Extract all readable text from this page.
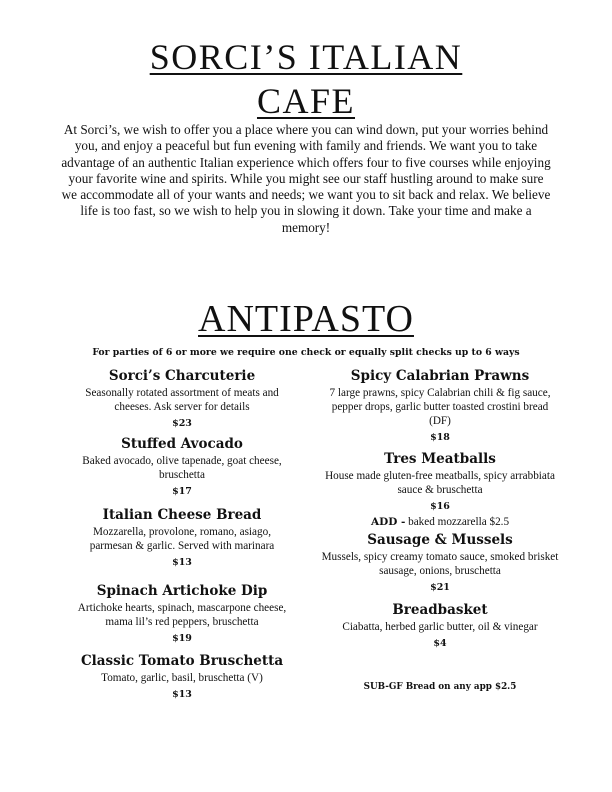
SORCI’S ITALIAN
CAFE
At Sorci’s, we wish to offer you a place where you can wind down, put your worries behind you, and enjoy a peaceful but fun evening with family and friends. We want you to take advantage of an authentic Italian experience which offers four to five courses while enjoying your favorite wine and spirits. While you might see our staff hustling around to make sure we accommodate all of your wants and needs; we want you to sit back and relax. We believe life is too fast, so we wish to help you in slowing it down. Take your time and make a memory!
ANTIPASTO
For parties of 6 or more we require one check or equally split checks up to 6 ways
Sorci’s Charcuterie
Seasonally rotated assortment of meats and cheeses. Ask server for details
$23
Stuffed Avocado
Baked avocado, olive tapenade, goat cheese, bruschetta
$17
Italian Cheese Bread
Mozzarella, provolone, romano, asiago, parmesan & garlic. Served with marinara
$13
Spinach Artichoke Dip
Artichoke hearts, spinach, mascarpone cheese, mama lil’s red peppers, bruschetta
$19
Classic Tomato Bruschetta
Tomato, garlic, basil, bruschetta (V)
$13
Spicy Calabrian Prawns
7 large prawns, spicy Calabrian chili & fig sauce, pepper drops, garlic butter toasted crostini bread (DF)
$18
Tres Meatballs
House made gluten-free meatballs, spicy arrabbiata sauce & bruschetta
$16
ADD - baked mozzarella $2.5
Sausage & Mussels
Mussels, spicy creamy tomato sauce, smoked brisket sausage, onions, bruschetta
$21
Breadbasket
Ciabatta, herbed garlic butter, oil & vinegar
$4
SUB-GF Bread on any app $2.5
